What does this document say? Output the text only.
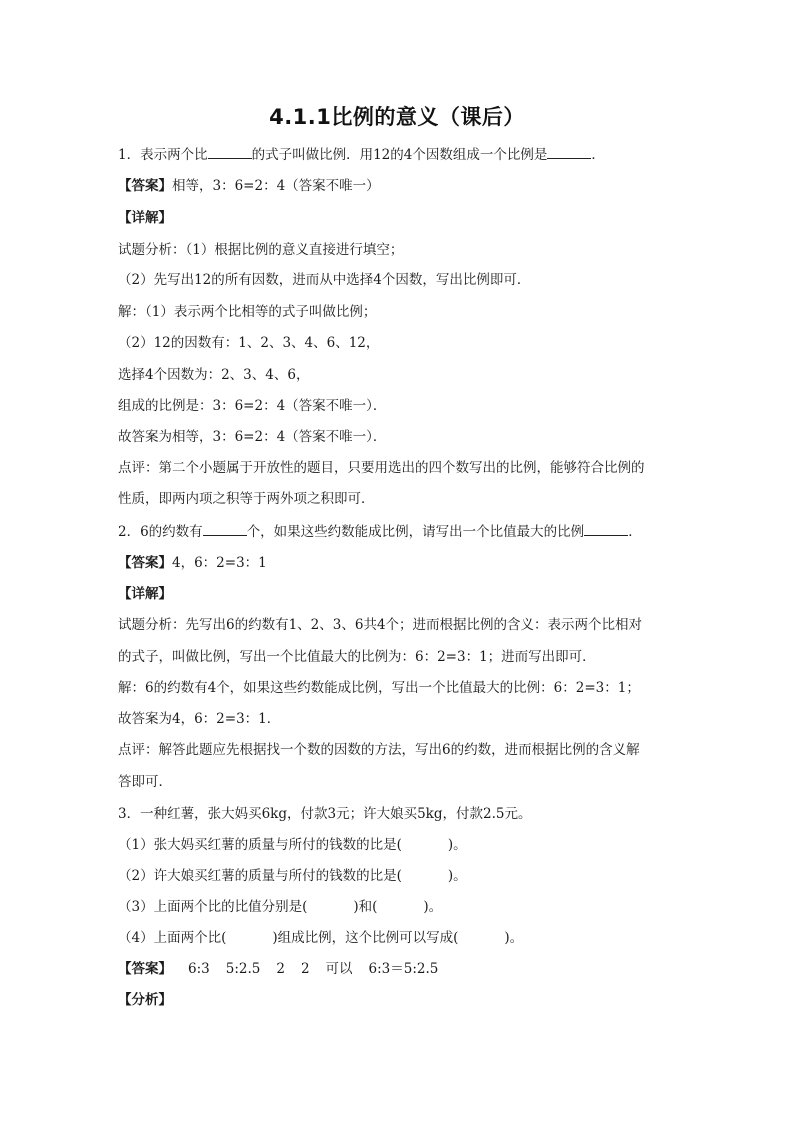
4.1.1比例的意义（课后）
1．表示两个比	的式子叫做比例．用12的4个因数组成一个比例是	．
【答案】相等，3：6=2：4（答案不唯一）
【详解】
试题分析：（1）根据比例的意义直接进行填空；
（2）先写出12的所有因数，进而从中选择4个因数，写出比例即可．
解：（1）表示两个比相等的式子叫做比例；
（2）12的因数有：1、2、3、4、6、12，
选择4个因数为：2、3、4、6，
组成的比例是：3：6=2：4（答案不唯一）．
故答案为相等，3：6=2：4（答案不唯一）．
点评：第二个小题属于开放性的题目，只要用选出的四个数写出的比例，能够符合比例的
性质，即两内项之积等于两外项之积即可．
2．6的约数有	个，如果这些约数能成比例，请写出一个比值最大的比例	．
【答案】4，6：2=3：1
【详解】
试题分析：先写出6的约数有1、2、3、6共4个；进而根据比例的含义：表示两个比相对
的式子，叫做比例，写出一个比值最大的比例为：6：2=3：1；进而写出即可．
解：6的约数有4个，如果这些约数能成比例，写出一个比值最大的比例：6：2=3：1；
故答案为4，6：2=3：1．
点评：解答此题应先根据找一个数的因数的方法，写出6的约数，进而根据比例的含义解
答即可．
3．一种红薯，张大妈买6kg，付款3元；许大娘买5kg，付款2.5元。
（1）张大妈买红薯的质量与所付的钱数的比是(	)。
（2）许大娘买红薯的质量与所付的钱数的比是(	)。
（3）上面两个比的比值分别是(	)和(	)。
（4）上面两个比(	)组成比例，这个比例可以写成(	)。
【答案】 6:3 5:2.5 2 2 可以 6:3＝5:2.5
【分析】
